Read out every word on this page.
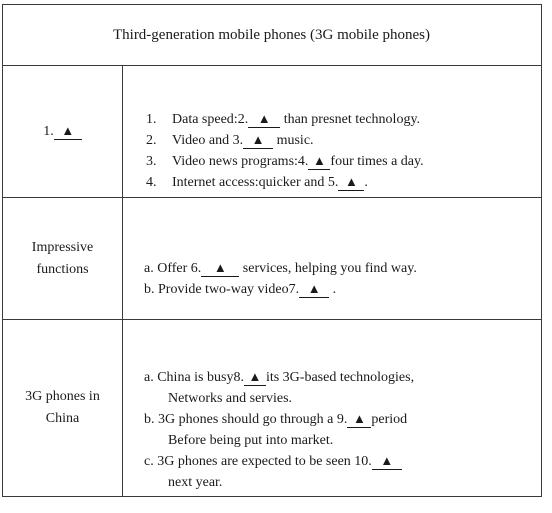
Third-generation mobile phones (3G mobile phones)
1. ▲

1. Data speed:2. ▲ than presnet technology.

2. Video and 3. ▲ music.

3. Video news programs:4. ▲ four times a day.

4. Internet access:quicker and 5. ▲ .

Impressive
functions	a. Offer 6. ▲ services, helping you find way.

b. Provide two-way video7. ▲ .

3G phones in
China

a. China is busy8. ▲ its 3G-based technologies,

Networks and servies.

b. 3G phones should go through a 9. ▲ period

Before being put into market.

c. 3G phones are expected to be seen 10. ▲

next year.
